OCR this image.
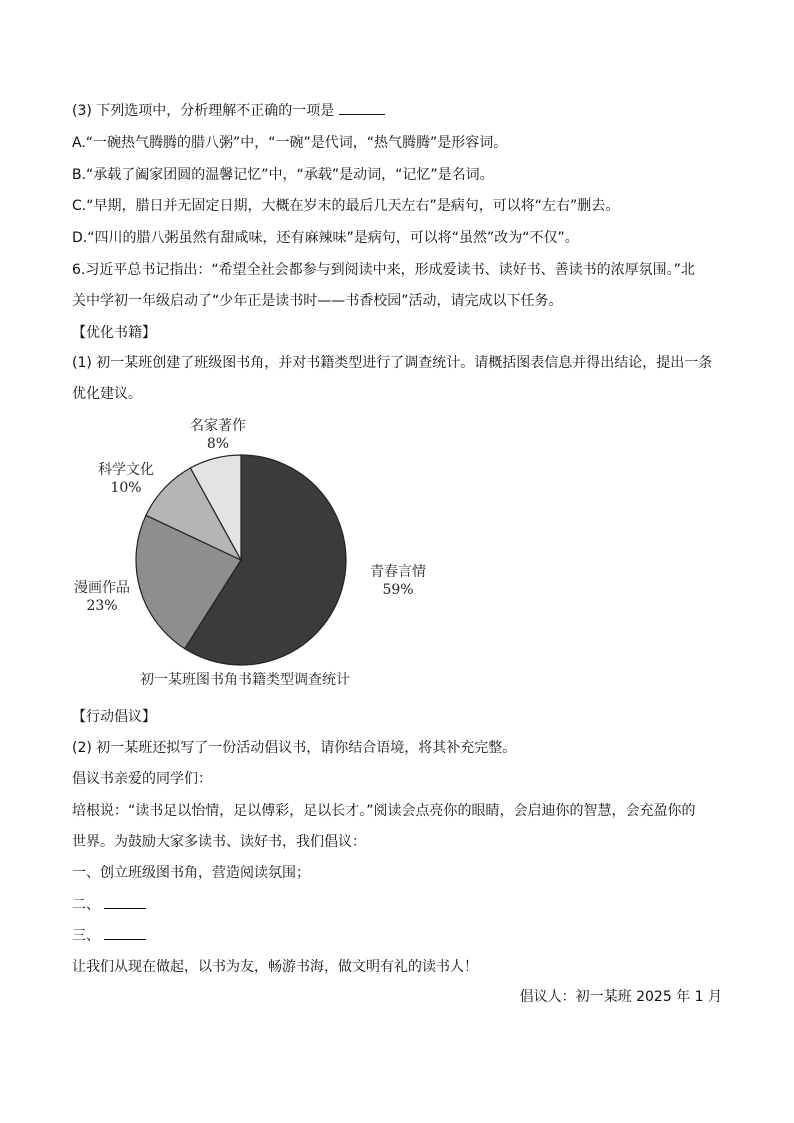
(3) 下列选项中，分析理解不正确的一项是
A.“一碗热气腾腾的腊八粥”中，“一碗”是代词，“热气腾腾”是形容词。
B.“承载了阖家团圆的温馨记忆”中，“承载”是动词，“记忆”是名词。
C.“早期，腊日并无固定日期，大概在岁末的最后几天左右”是病句，可以将“左右”删去。
D.“四川的腊八粥虽然有甜咸味，还有麻辣味”是病句，可以将“虽然”改为“不仅”。
6.习近平总书记指出：“希望全社会都参与到阅读中来，形成爱读书、读好书、善读书的浓厚氛围。”北
关中学初一年级启动了“少年正是读书时——书香校园”活动，请完成以下任务。
【优化书籍】
(1) 初一某班创建了班级图书角，并对书籍类型进行了调查统计。请概括图表信息并得出结论，提出一条
优化建议。
青春言情
59%
漫画作品
23%
科学文化
10%
名家著作
8%
初一某班图书角书籍类型调查统计
【行动倡议】
(2) 初一某班还拟写了一份活动倡议书，请你结合语境，将其补充完整。
倡议书亲爱的同学们：
培根说：“读书足以怡情，足以傅彩，足以长才。”阅读会点亮你的眼睛，会启迪你的智慧，会充盈你的
世界。为鼓励大家多读书、读好书，我们倡议：
一、创立班级图书角，营造阅读氛围；
二、
三、
让我们从现在做起，以书为友，畅游书海，做文明有礼的读书人！
倡议人：初一某班 2025 年 1 月
